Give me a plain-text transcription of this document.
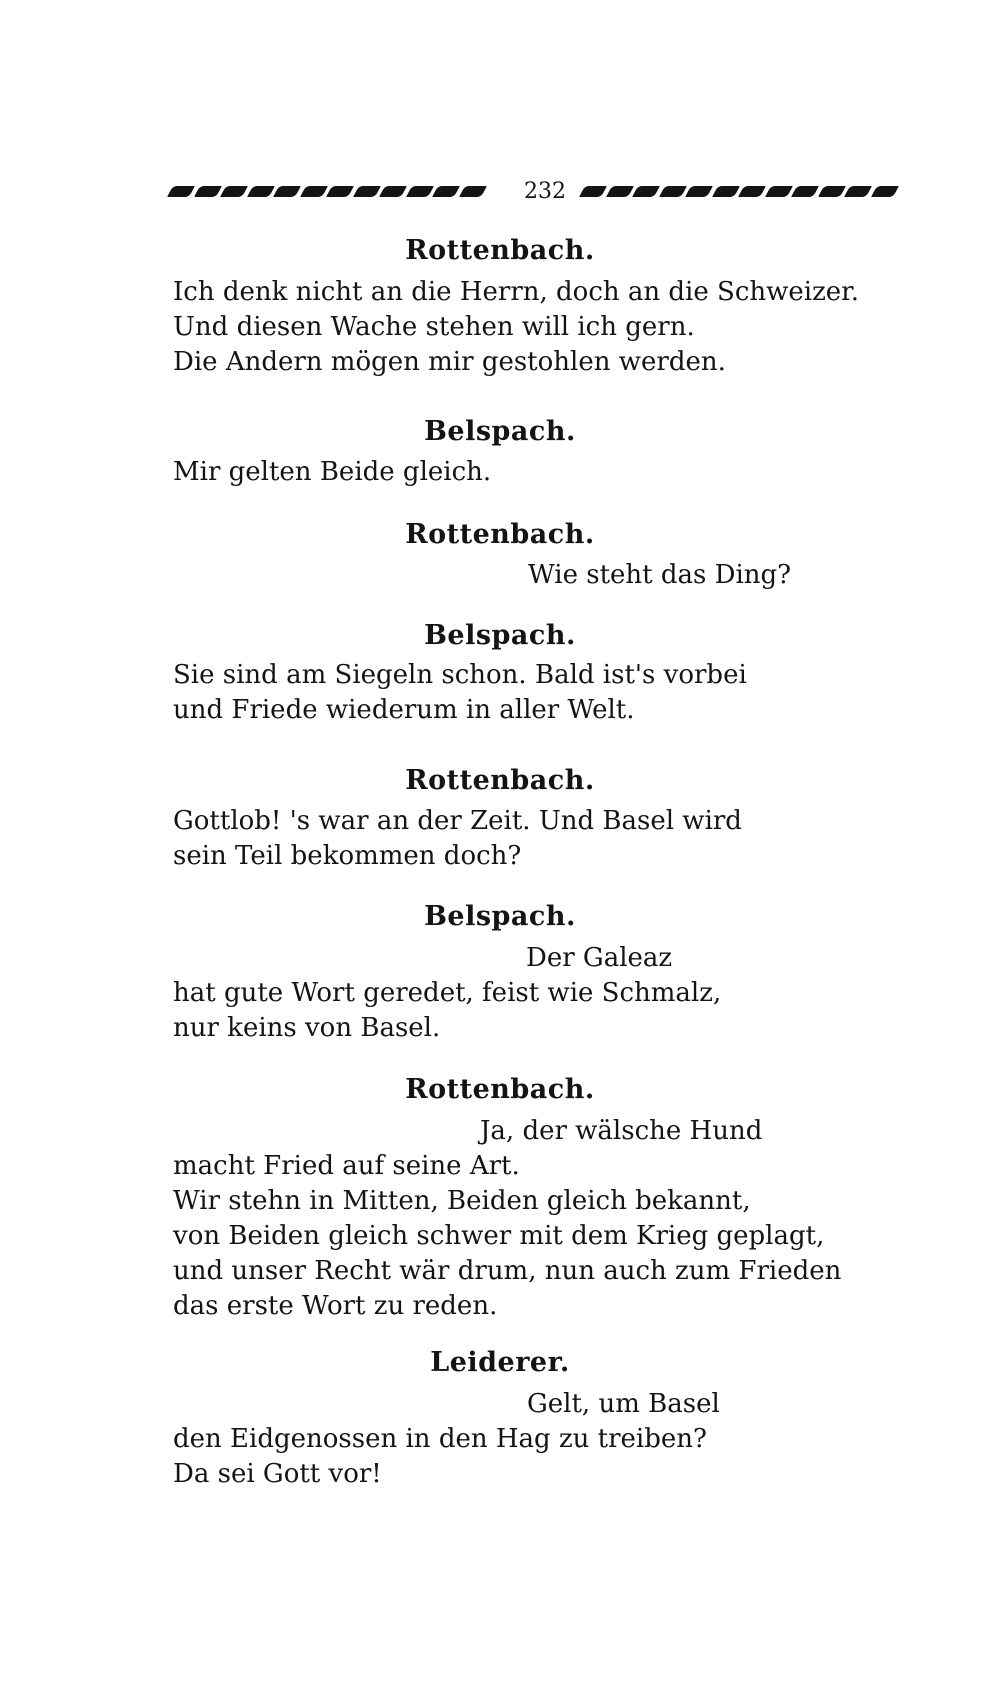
232
Rottenbach.
Ich denk nicht an die Herrn, doch an die Schweizer.
Und diesen Wache stehen will ich gern.
Die Andern mögen mir gestohlen werden.
Belspach.
Mir gelten Beide gleich.
Rottenbach.
Wie steht das Ding?
Belspach.
Sie sind am Siegeln schon. Bald ist's vorbei
und Friede wiederum in aller Welt.
Rottenbach.
Gottlob! 's war an der Zeit. Und Basel wird
sein Teil bekommen doch?
Belspach.
Der Galeaz
hat gute Wort geredet, feist wie Schmalz,
nur keins von Basel.
Rottenbach.
Ja, der wälsche Hund
macht Fried auf seine Art.
Wir stehn in Mitten, Beiden gleich bekannt,
von Beiden gleich schwer mit dem Krieg geplagt,
und unser Recht wär drum, nun auch zum Frieden
das erste Wort zu reden.
Leiderer.
Gelt, um Basel
den Eidgenossen in den Hag zu treiben?
Da sei Gott vor!
